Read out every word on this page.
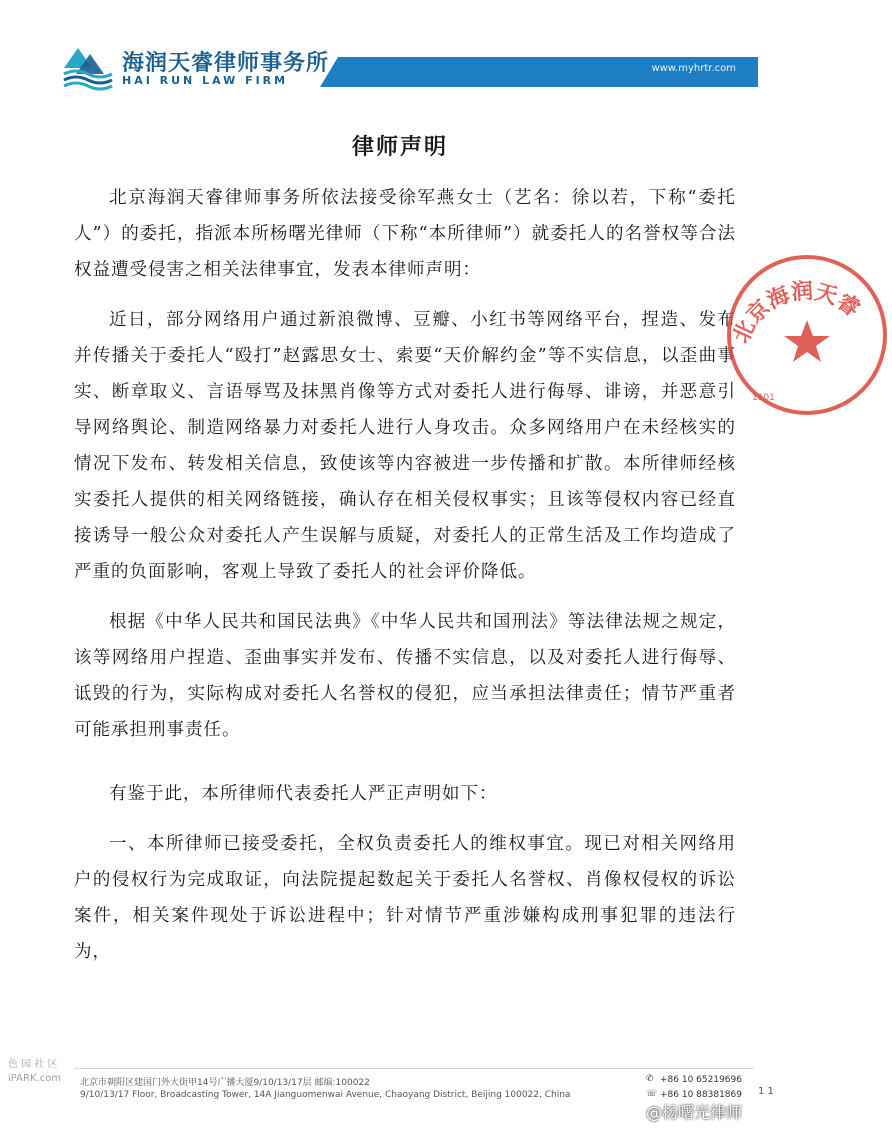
海润天睿律师事务所
HAI RUN LAW FIRM
www.myhrtr.com
律师声明

北京海润天睿律师事务所依法接受徐军燕女士（艺名：徐以若，下称“委托人”）的委托，指派本所杨曙光律师（下称“本所律师”）就委托人的名誉权等合法权益遭受侵害之相关法律事宜，发表本律师声明：

近日，部分网络用户通过新浪微博、豆瓣、小红书等网络平台，捏造、发布并传播关于委托人“殴打”赵露思女士、索要“天价解约金”等不实信息，以歪曲事实、断章取义、言语辱骂及抹黑肖像等方式对委托人进行侮辱、诽谤，并恶意引导网络舆论、制造网络暴力对委托人进行人身攻击。众多网络用户在未经核实的情况下发布、转发相关信息，致使该等内容被进一步传播和扩散。本所律师经核实委托人提供的相关网络链接，确认存在相关侵权事实；且该等侵权内容已经直接诱导一般公众对委托人产生误解与质疑，对委托人的正常生活及工作均造成了严重的负面影响，客观上导致了委托人的社会评价降低。

根据《中华人民共和国民法典》《中华人民共和国刑法》等法律法规之规定，该等网络用户捏造、歪曲事实并发布、传播不实信息，以及对委托人进行侮辱、诋毁的行为，实际构成对委托人名誉权的侵犯，应当承担法律责任；情节严重者可能承担刑事责任。

有鉴于此，本所律师代表委托人严正声明如下：

一、本所律师已接受委托，全权负责委托人的维权事宜。现已对相关网络用户的侵权行为完成取证，向法院提起数起关于委托人名誉权、肖像权侵权的诉讼案件，相关案件现处于诉讼进程中；针对情节严重涉嫌构成刑事犯罪的违法行为，

北京海润天睿
1101
色 园 社 区
iPARK.com 北京市朝阳区建国门外大街甲14号广播大厦9/10/13/17层 邮编:100022
9/10/13/17 Floor, Broadcasting Tower, 14A Jianguomenwai Avenue, Chaoyang District, Beijing 100022, China
✆ +86 10 65219696
☏ +86 10 88381869 1 1
@杨曙光律师
